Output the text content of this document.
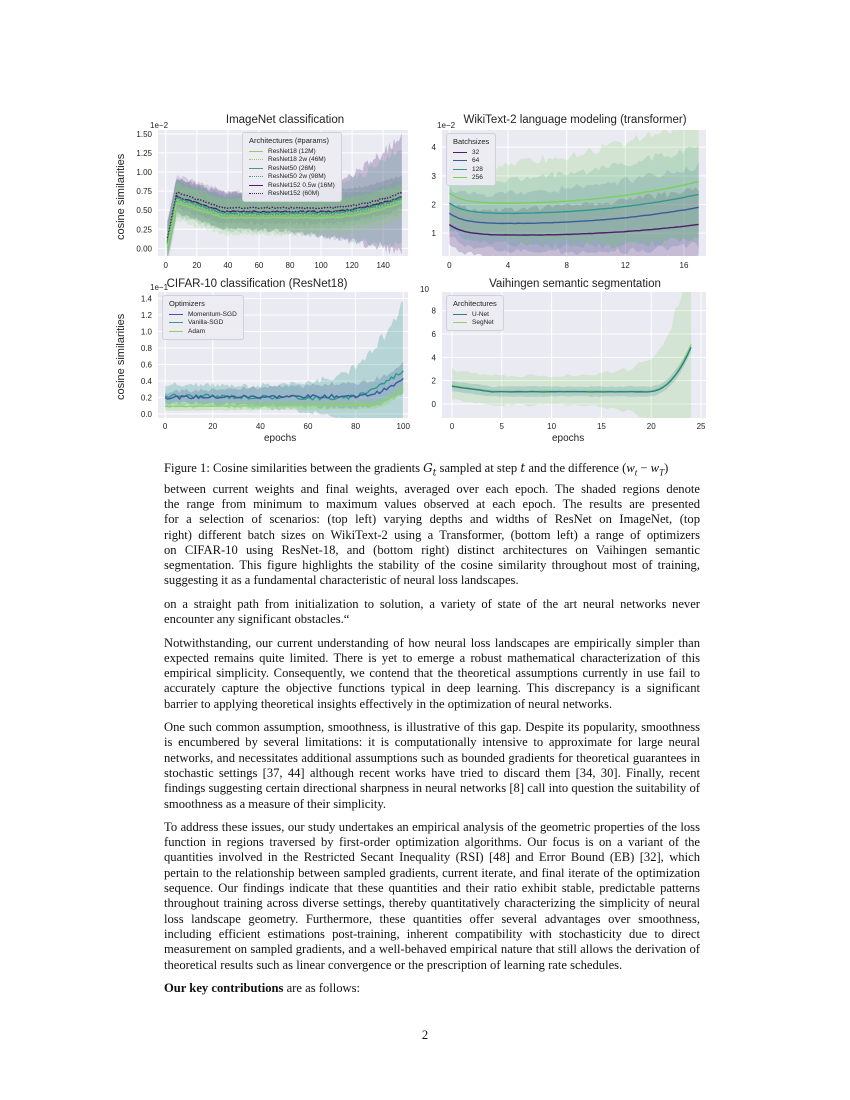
ImageNet classification
1e−2
cosine similarities
0	20	40	60	80 100 120 140
0.00
0.25
0.50
0.75
1.00
1.25
1.50
Architectures (#params)
ResNet18 (12M)
ResNet18 2w (46M)
ResNet50 (26M)
ResNet50 2w (98M)
ResNet152 0.5w (16M)
ResNet152 (60M)
WikiText-2 language modeling (transformer)
1e−2
0	4	8	12	16
1
2
3
4
Batchsizes
32
64
128
256
CIFAR-10 classification (ResNet18)
1e−1
cosine similarities
epochs
0	20	40	60	80	100
0.0
0.2
0.4
0.6
0.8
1.0
1.2
1.4 Optimizers
Momentum-SGD
Vanilla-SGD
Adam
Vaihingen semantic segmentation
10
epochs
0	5	10	15	20	25
0
2
4
6
8
Architectures
U-Net
SegNet
Figure 1: Cosine similarities between the gradients $G_t$ sampled at step t and the difference $(w_t - w_T)$
between current weights and final weights, averaged over each epoch. The shaded regions denote
the range from minimum to maximum values observed at each epoch. The results are presented
for a selection of scenarios: (top left) varying depths and widths of ResNet on ImageNet, (top
right) different batch sizes on WikiText-2 using a Transformer, (bottom left) a range of optimizers
on CIFAR-10 using ResNet-18, and (bottom right) distinct architectures on Vaihingen semantic
segmentation. This figure highlights the stability of the cosine similarity throughout most of training,
suggesting it as a fundamental characteristic of neural loss landscapes.

on a straight path from initialization to solution, a variety of state of the art neural networks never encounter any significant obstacles.“

Notwithstanding, our current understanding of how neural loss landscapes are empirically simpler than expected remains quite limited. There is yet to emerge a robust mathematical characterization of this empirical simplicity. Consequently, we contend that the theoretical assumptions currently in use fail to accurately capture the objective functions typical in deep learning. This discrepancy is a significant barrier to applying theoretical insights effectively in the optimization of neural networks.

One such common assumption, smoothness, is illustrative of this gap. Despite its popularity, smoothness is encumbered by several limitations: it is computationally intensive to approximate for large neural networks, and necessitates additional assumptions such as bounded gradients for theoretical guarantees in stochastic settings [37, 44] although recent works have tried to discard them [34, 30]. Finally, recent findings suggesting certain directional sharpness in neural networks [8] call into question the suitability of smoothness as a measure of their simplicity.

To address these issues, our study undertakes an empirical analysis of the geometric properties of the loss function in regions traversed by first-order optimization algorithms. Our focus is on a variant of the quantities involved in the Restricted Secant Inequality (RSI) [48] and Error Bound (EB) [32], which pertain to the relationship between sampled gradients, current iterate, and final iterate of the optimization sequence. Our findings indicate that these quantities and their ratio exhibit stable, predictable patterns throughout training across diverse settings, thereby quantitatively characterizing the simplicity of neural loss landscape geometry. Furthermore, these quantities offer several advantages over smoothness, including efficient estimations post-training, inherent compatibility with stochasticity due to direct measurement on sampled gradients, and a well-behaved empirical nature that still allows the derivation of theoretical results such as linear convergence or the prescription of learning rate schedules.

Our key contributions are as follows:

2
